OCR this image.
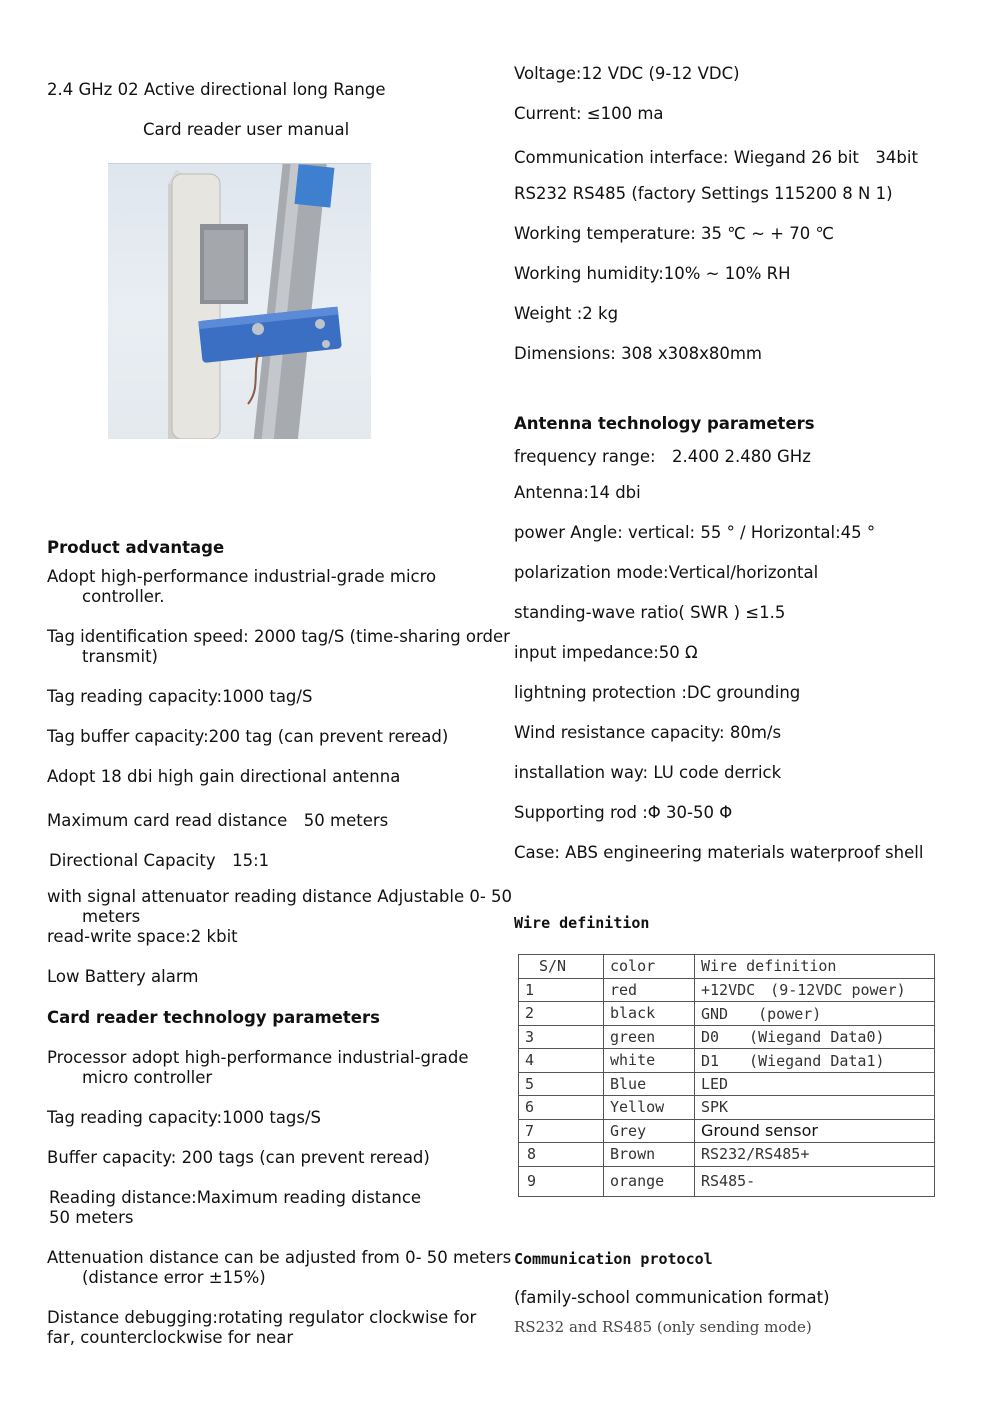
2.4 GHz 02 Active directional long Range
Card reader user manual
Product advantage
Adopt high-performance industrial-grade micro controller.
Tag identification speed: 2000 tag/S (time-sharing order transmit)
Tag reading capacity:1000 tag/S
Tag buffer capacity:200 tag (can prevent reread)
Adopt 18 dbi high gain directional antenna
Maximum card read distance　50 meters
Directional Capacity　15:1
with signal attenuator reading distance Adjustable 0- 50 meters
read-write space:2 kbit
Low Battery alarm
Card reader technology parameters
Processor adopt high-performance industrial-grade micro controller
Tag reading capacity:1000 tags/S
Buffer capacity: 200 tags (can prevent reread)
Reading distance:Maximum reading distance　50 meters
Attenuation distance can be adjusted from 0- 50 meters (distance error ±15%)
Distance debugging:rotating regulator clockwise for far, counterclockwise for near
Voltage:12 VDC (9-12 VDC)
Current: ≤100 ma
Communication interface: Wiegand 26 bit　34bit
RS232 RS485 (factory Settings 115200 8 N 1)
Working temperature: 35 ℃ ~ + 70 ℃
Working humidity:10% ~ 10% RH
Weight :2 kg
Dimensions: 308 x308x80mm
Antenna technology parameters
frequency range:　2.400 2.480 GHz
Antenna:14 dbi
power Angle: vertical: 55 ° / Horizontal:45 °
polarization mode:Vertical/horizontal
standing-wave ratio( SWR ) ≤1.5
input impedance:50 Ω
lightning protection :DC grounding
Wind resistance capacity: 80m/s
installation way: LU code derrick
Supporting rod :Φ 30-50 Φ
Case: ABS engineering materials waterproof shell
Wire definition
S/N	color	Wire definition
1	red	+12VDC　(9-12VDC power)
2	black	GND　　(power)
3	green	D0　　(Wiegand Data0)
4	white	D1　　(Wiegand Data1)
5	Blue	LED
6	Yellow	SPK
7	Grey	Ground sensor
8	Brown	RS232/RS485+
9	orange	RS485-
Communication protocol
(family-school communication format)
RS232 and RS485 (only sending mode)
